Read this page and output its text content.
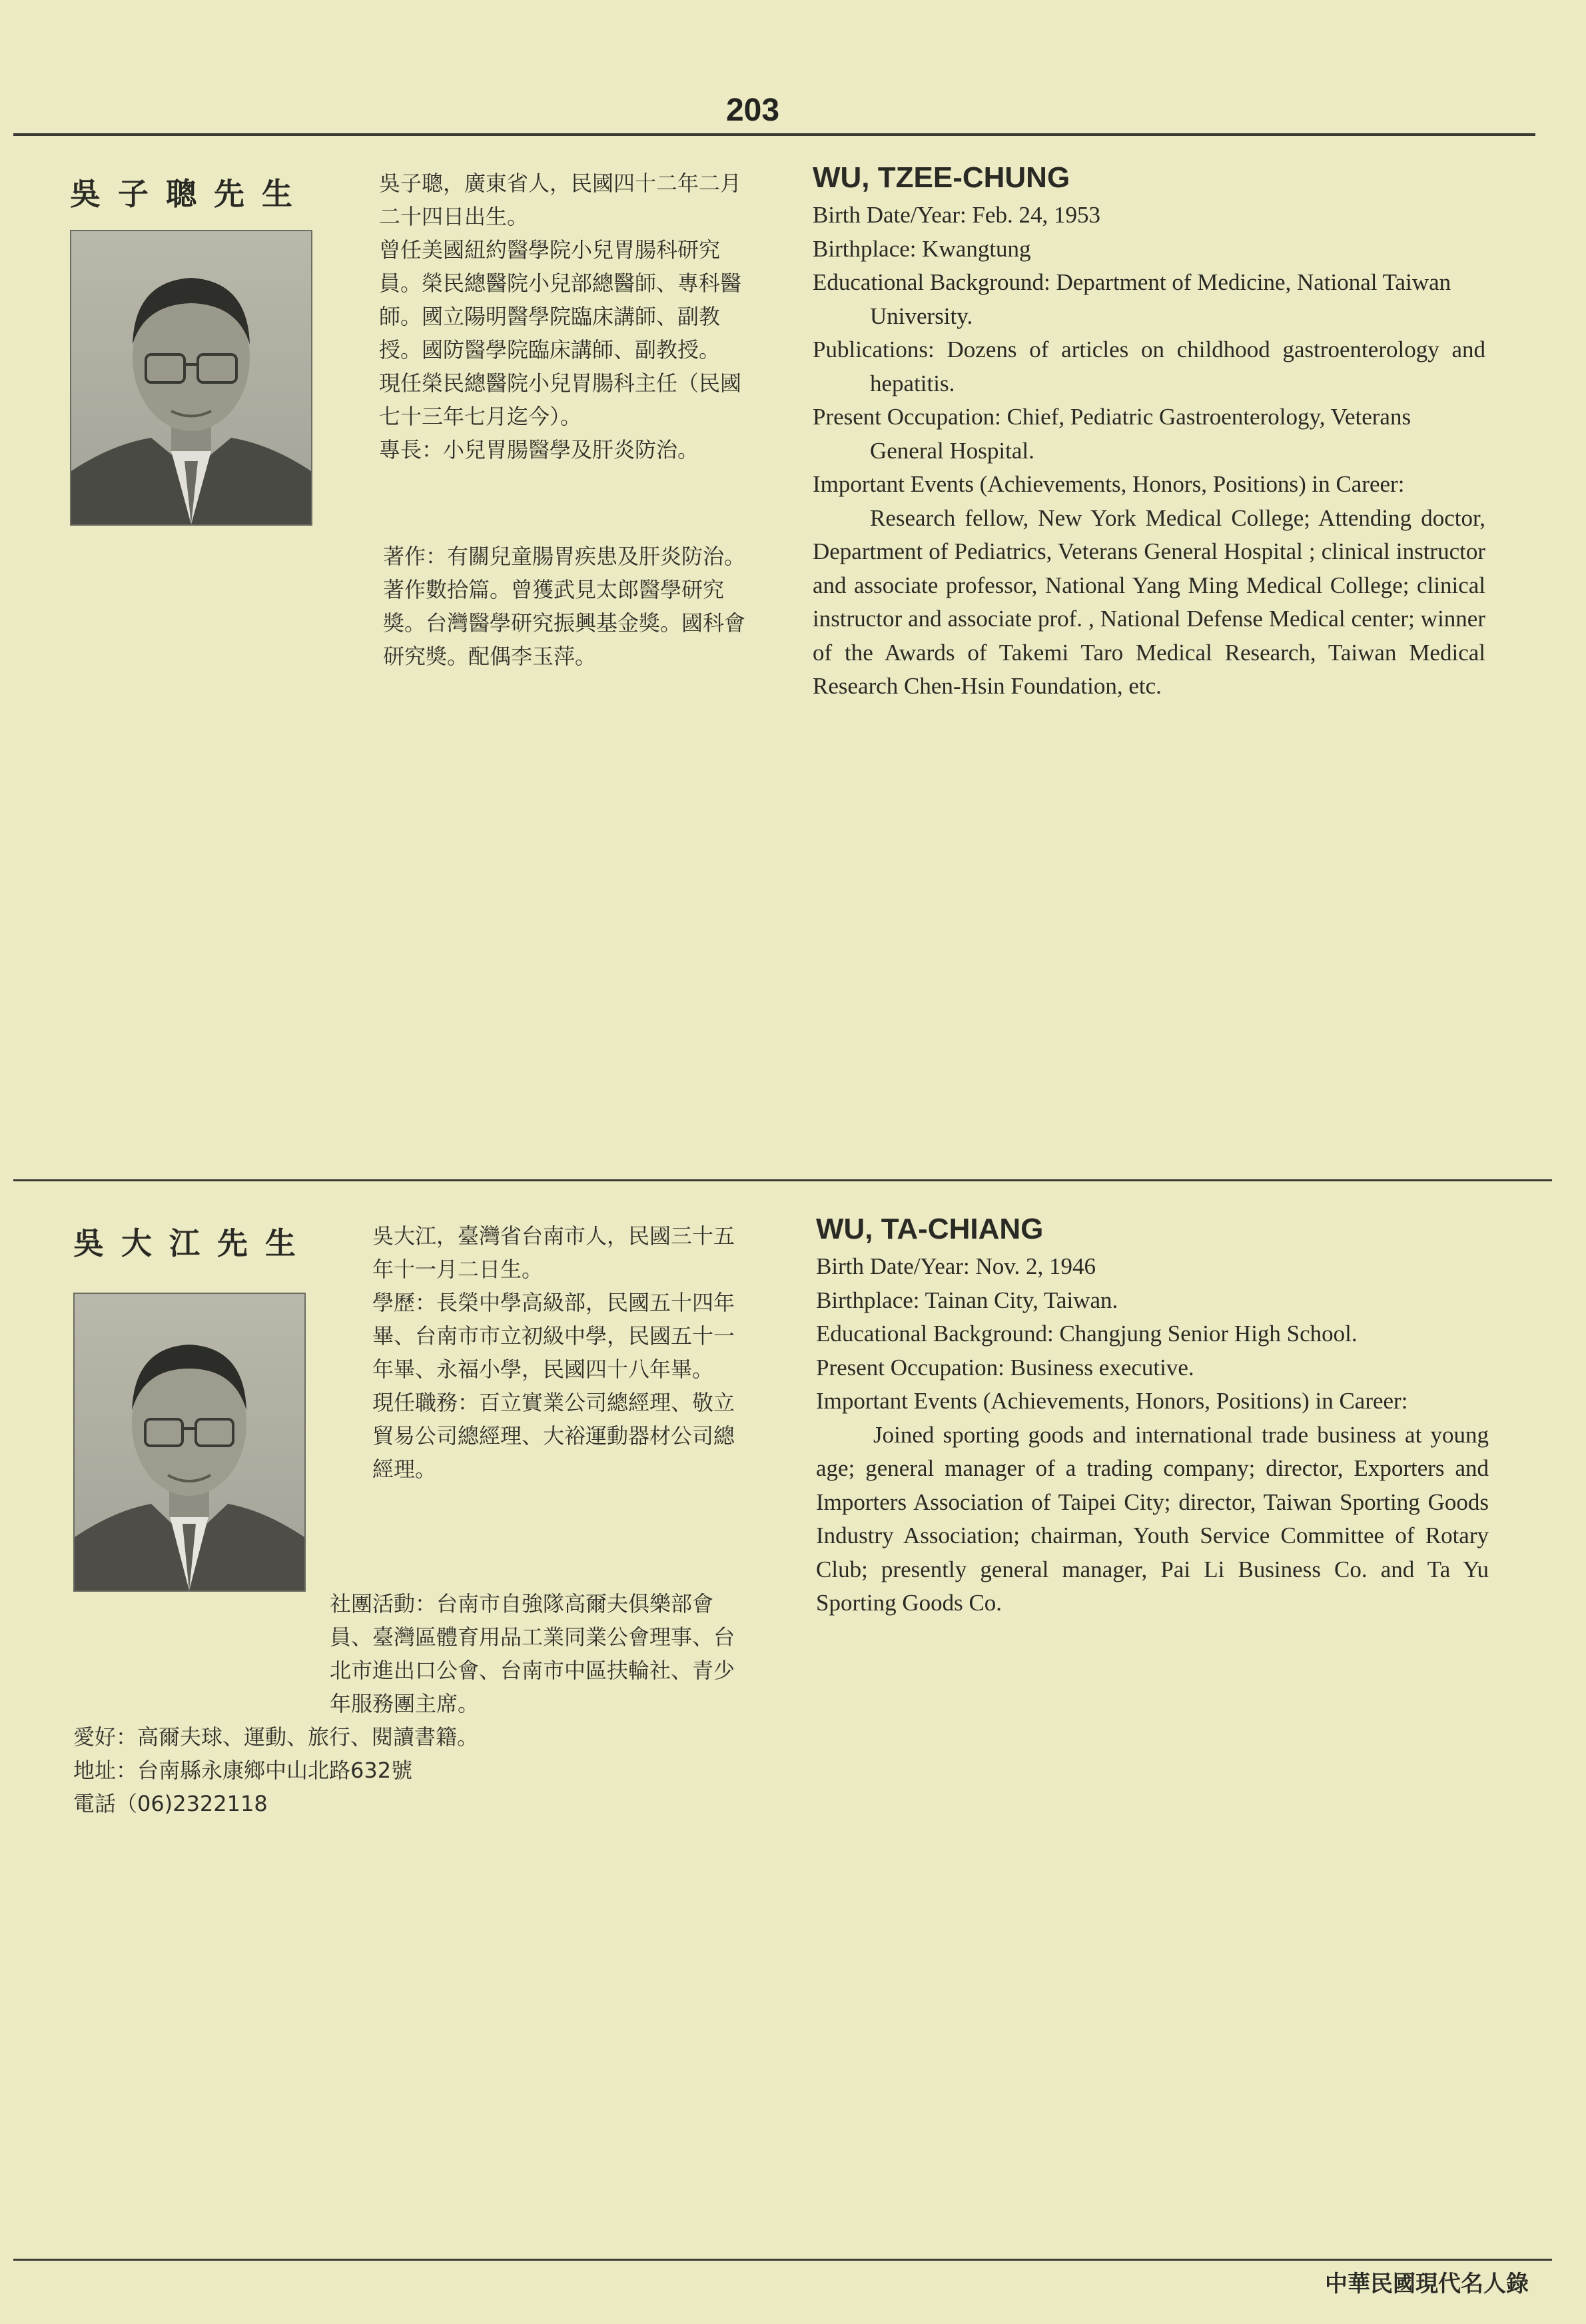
203
吳子聰先生	吳子聰，廣東省人，民國四十二年二月二十四日出生。

曾任美國紐約醫學院小兒胃腸科研究員。榮民總醫院小兒部總醫師、專科醫師。國立陽明醫學院臨床講師、副教授。國防醫學院臨床講師、副教授。

現任榮民總醫院小兒胃腸科主任（民國七十三年七月迄今）。

專長：小兒胃腸醫學及肝炎防治。

著作：有關兒童腸胃疾患及肝炎防治。著作數拾篇。曾獲武見太郎醫學研究獎。台灣醫學研究振興基金獎。國科會研究獎。配偶李玉萍。

WU, TZEE-CHUNG

Birth Date/Year: Feb. 24, 1953

Birthplace: Kwangtung

Educational Background: Department of Medicine, National Taiwan University.

Publications: Dozens of articles on childhood gastroenterology and hepatitis.

Present Occupation: Chief, Pediatric Gastroenterology, Veterans General Hospital.

Important Events (Achievements, Honors, Positions) in Career:

Research fellow, New York Medical College; Attending doctor, Department of Pediatrics, Veterans General Hospital ; clinical instructor and associate professor, National Yang Ming Medical College; clinical instructor and associate prof. , National Defense Medical center; winner of the Awards of Takemi Taro Medical Research, Taiwan Medical Research Chen-Hsin Foundation, etc.

吳大江先生	吳大江，臺灣省台南市人，民國三十五年十一月二日生。

學歷：長榮中學高級部，民國五十四年畢、台南市市立初級中學，民國五十一年畢、永福小學，民國四十八年畢。

現任職務：百立實業公司總經理、敬立貿易公司總經理、大裕運動器材公司總經理。

社團活動：台南市自強隊高爾夫俱樂部會員、臺灣區體育用品工業同業公會理事、台北市進出口公會、台南市中區扶輪社、青少年服務團主席。

愛好：高爾夫球、運動、旅行、閱讀書籍。

地址：台南縣永康鄉中山北路632號

電話（06)2322118

WU, TA-CHIANG

Birth Date/Year: Nov. 2, 1946

Birthplace: Tainan City, Taiwan.

Educational Background: Changjung Senior High School.

Present Occupation: Business executive.

Important Events (Achievements, Honors, Positions) in Career:

Joined sporting goods and international trade business at young age; general manager of a trading company; director, Exporters and Importers Association of Taipei City; director, Taiwan Sporting Goods Industry Association; chairman, Youth Service Committee of Rotary Club; presently general manager, Pai Li Business Co. and Ta Yu Sporting Goods Co.

中華民國現代名人錄
